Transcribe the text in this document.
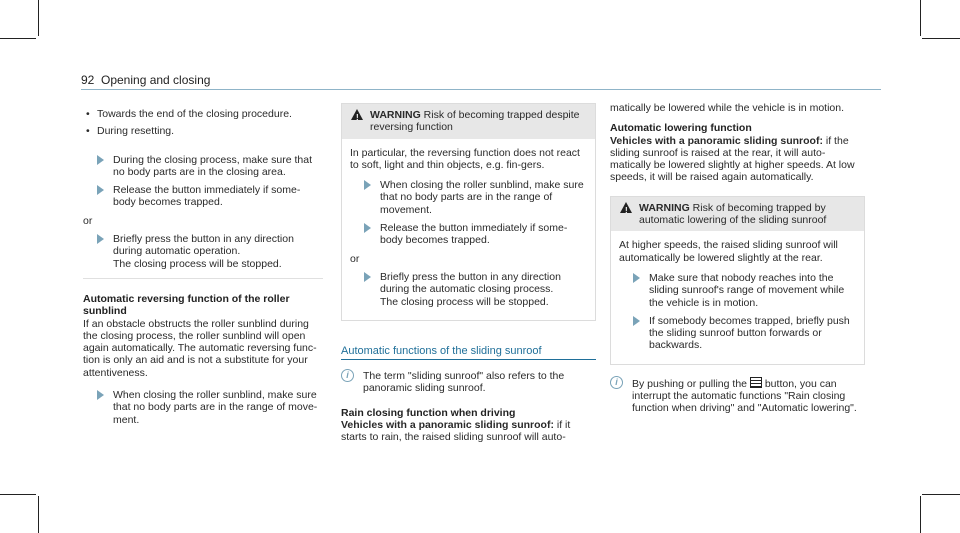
92 Opening and closing
• Towards the end of the closing procedure.
• During resetting.
During the closing process, make sure that no body parts are in the closing area.
Release the button immediately if some-body becomes trapped.
or
Briefly press the button in any direction during automatic operation.
The closing process will be stopped.
Automatic reversing function of the roller sunblind

If an obstacle obstructs the roller sunblind during the closing process, the roller sunblind will open again automatically. The automatic reversing func-tion is only an aid and is not a substitute for your attentiveness.

When closing the roller sunblind, make sure that no body parts are in the range of move-ment.
! WARNING Risk of becoming trapped despite reversing function

In particular, the reversing function does not react to soft, light and thin objects, e.g. fin-gers.

When closing the roller sunblind, make sure that no body parts are in the range of movement.
Release the button immediately if some-body becomes trapped.
or
Briefly press the button in any direction during the automatic closing process.
The closing process will be stopped.
Automatic functions of the sliding sunroof
i	The term "sliding sunroof" also refers to the panoramic sliding sunroof.
Rain closing function when driving

Vehicles with a panoramic sliding sunroof: if it starts to rain, the raised sliding sunroof will auto-

matically be lowered while the vehicle is in motion.

Automatic lowering function

Vehicles with a panoramic sliding sunroof: if the sliding sunroof is raised at the rear, it will auto-matically be lowered slightly at higher speeds. At low speeds, it will be raised again automatically.

! WARNING Risk of becoming trapped by automatic lowering of the sliding sunroof

At higher speeds, the raised sliding sunroof will automatically be lowered slightly at the rear.

Make sure that nobody reaches into the sliding sunroof's range of movement while the vehicle is in motion.
If somebody becomes trapped, briefly push the sliding sunroof button forwards or backwards.
i	By pushing or pulling the button, you can interrupt the automatic functions "Rain closing function when driving" and "Automatic lowering".
